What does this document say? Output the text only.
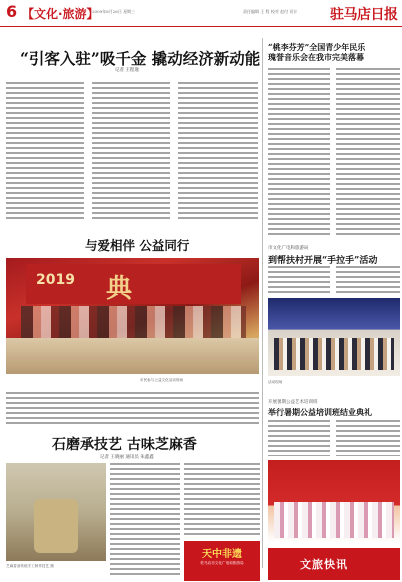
6 【文化·旅游】
2009年8月26日 星期三	责任编辑 王 程 校对 赵付 设计 驻马店日报
“引客入驻”吸千金 撬动经济新动能
记者 王程逸
与爱相伴 公益同行
2019 典
市民参与公益文化活动现场
石磨承技艺 古味芝麻香
记者 王晓丽 通讯员 朱鑫鑫
芝麻香油传统手工制作技艺 摄
天中非遗
驻马店市文化广电和旅游局
“桃李芬芳”全国青少年民乐
瑰誉音乐会在我市完美落幕
市文化广电和旅游局
到帮扶村开展“手拉手”活动
活动现场
开展暑期公益艺术培训班
举行暑期公益培训班结业典礼
文旅快讯
